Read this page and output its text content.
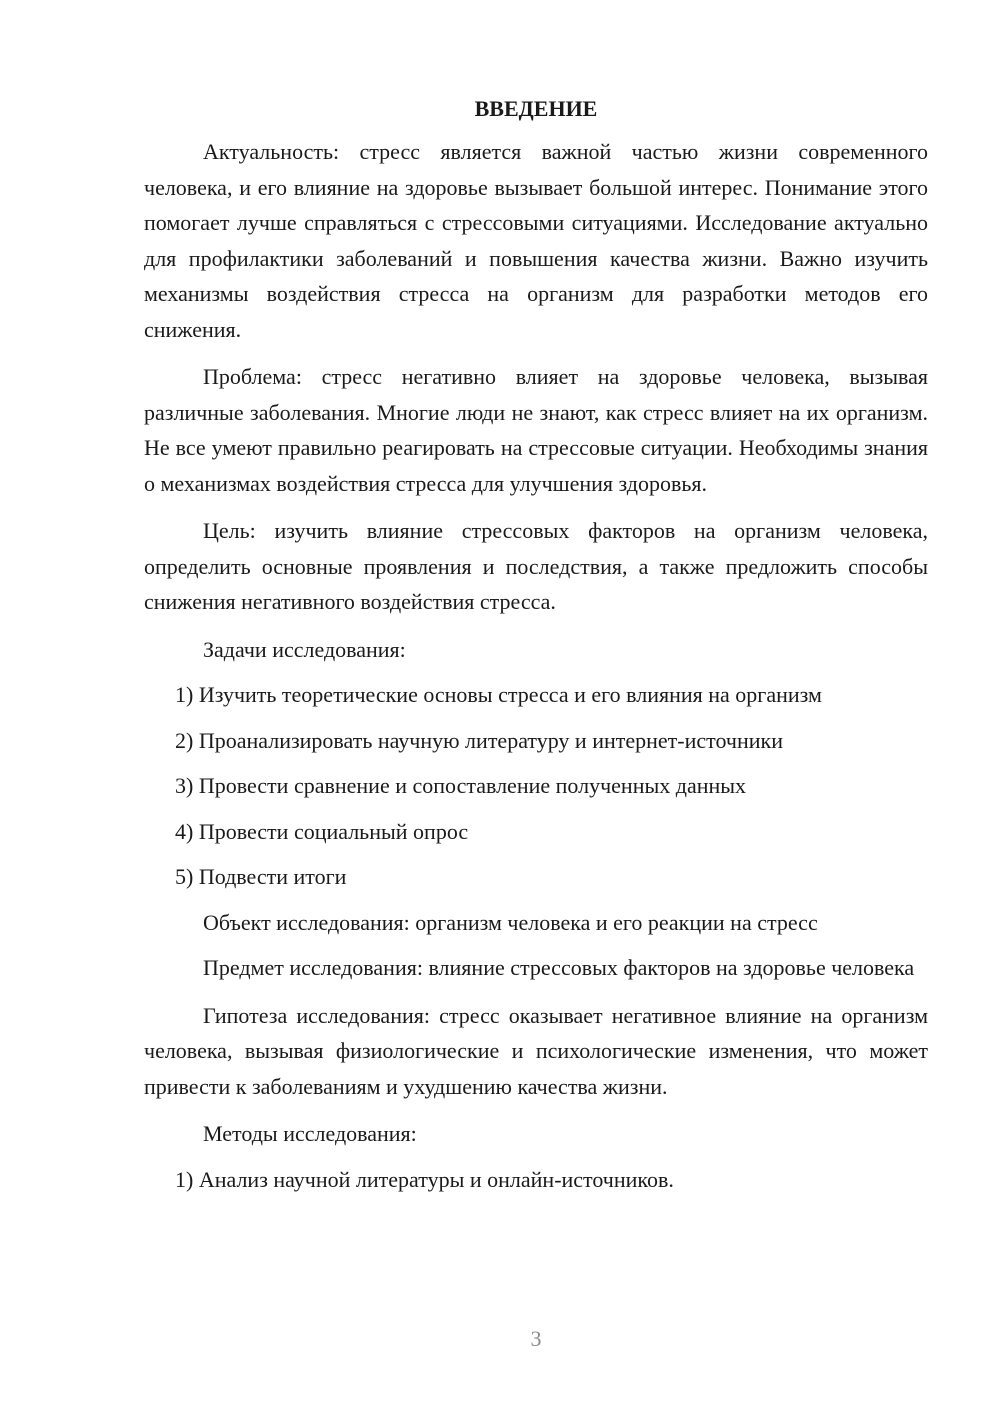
ВВЕДЕНИЕ

Актуальность: стресс является важной частью жизни современного человека, и его влияние на здоровье вызывает большой интерес. Понимание этого помогает лучше справляться с стрессовыми ситуациями. Исследование актуально для профилактики заболеваний и повышения качества жизни. Важно изучить механизмы воздействия стресса на организм для разработки методов его снижения.

Проблема: стресс негативно влияет на здоровье человека, вызывая различные заболевания. Многие люди не знают, как стресс влияет на их организм. Не все умеют правильно реагировать на стрессовые ситуации. Необходимы знания о механизмах воздействия стресса для улучшения здоровья.

Цель: изучить влияние стрессовых факторов на организм человека, определить основные проявления и последствия, а также предложить способы снижения негативного воздействия стресса.

Задачи исследования:

1) Изучить теоретические основы стресса и его влияния на организм
2) Проанализировать научную литературу и интернет-источники
3) Провести сравнение и сопоставление полученных данных
4) Провести социальный опрос
5) Подвести итоги

Объект исследования: организм человека и его реакции на стресс

Предмет исследования: влияние стрессовых факторов на здоровье человека

Гипотеза исследования: стресс оказывает негативное влияние на организм человека, вызывая физиологические и психологические изменения, что может привести к заболеваниям и ухудшению качества жизни.

Методы исследования:

1) Анализ научной литературы и онлайн-источников.
3
